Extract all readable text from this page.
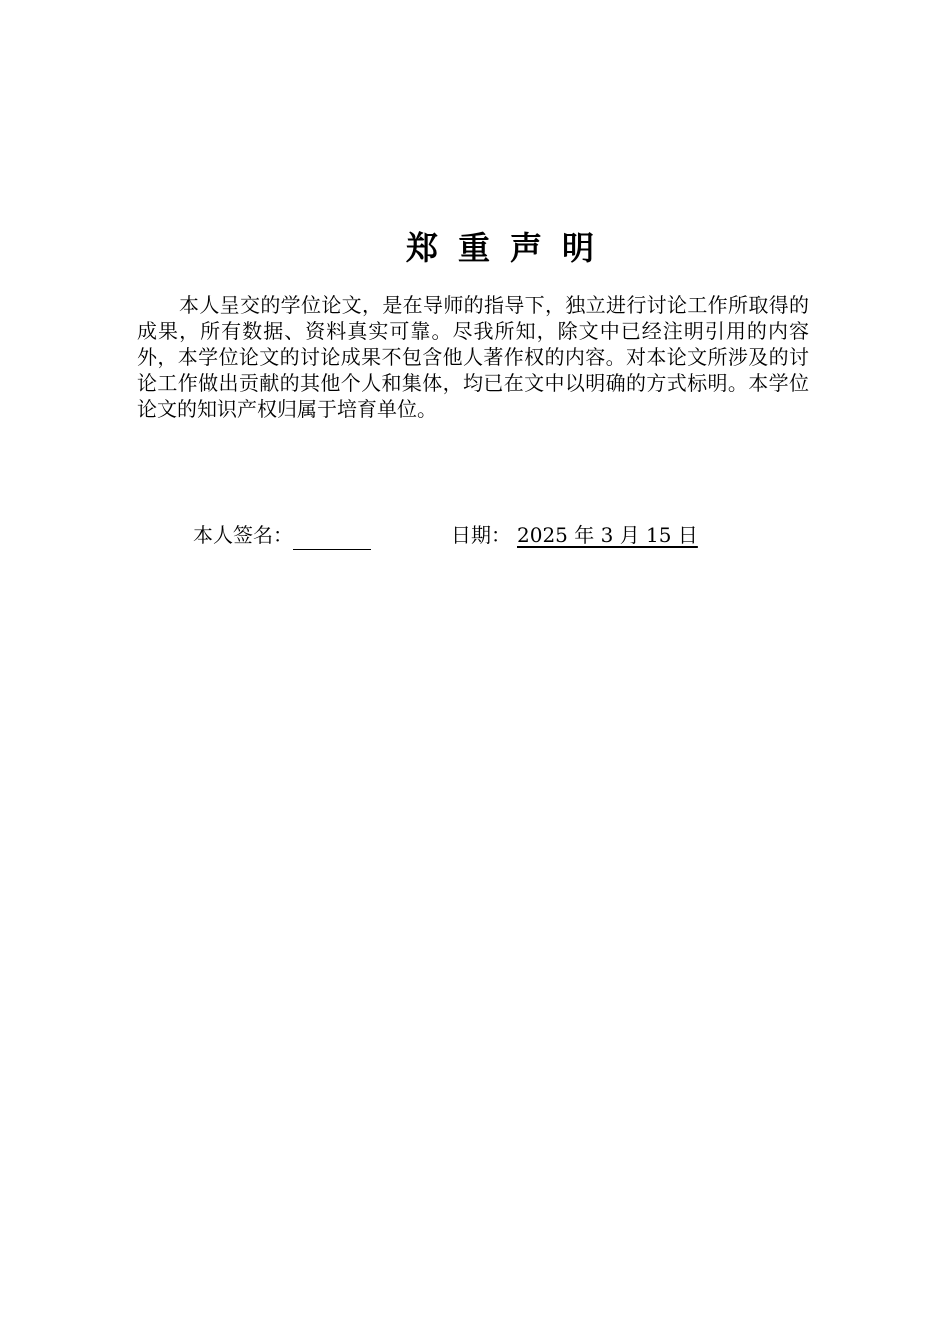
郑重声明

本人呈交的学位论文，是在导师的指导下，独立进行讨论工作所取得的成果，所有数据、资料真实可靠。尽我所知，除文中已经注明引用的内容外，本学位论文的讨论成果不包含他人著作权的内容。对本论文所涉及的讨论工作做出贡献的其他个人和集体，均已在文中以明确的方式标明。本学位论文的知识产权归属于培育单位。

本人签名：	日期： 2025 年 3 月 15 日
